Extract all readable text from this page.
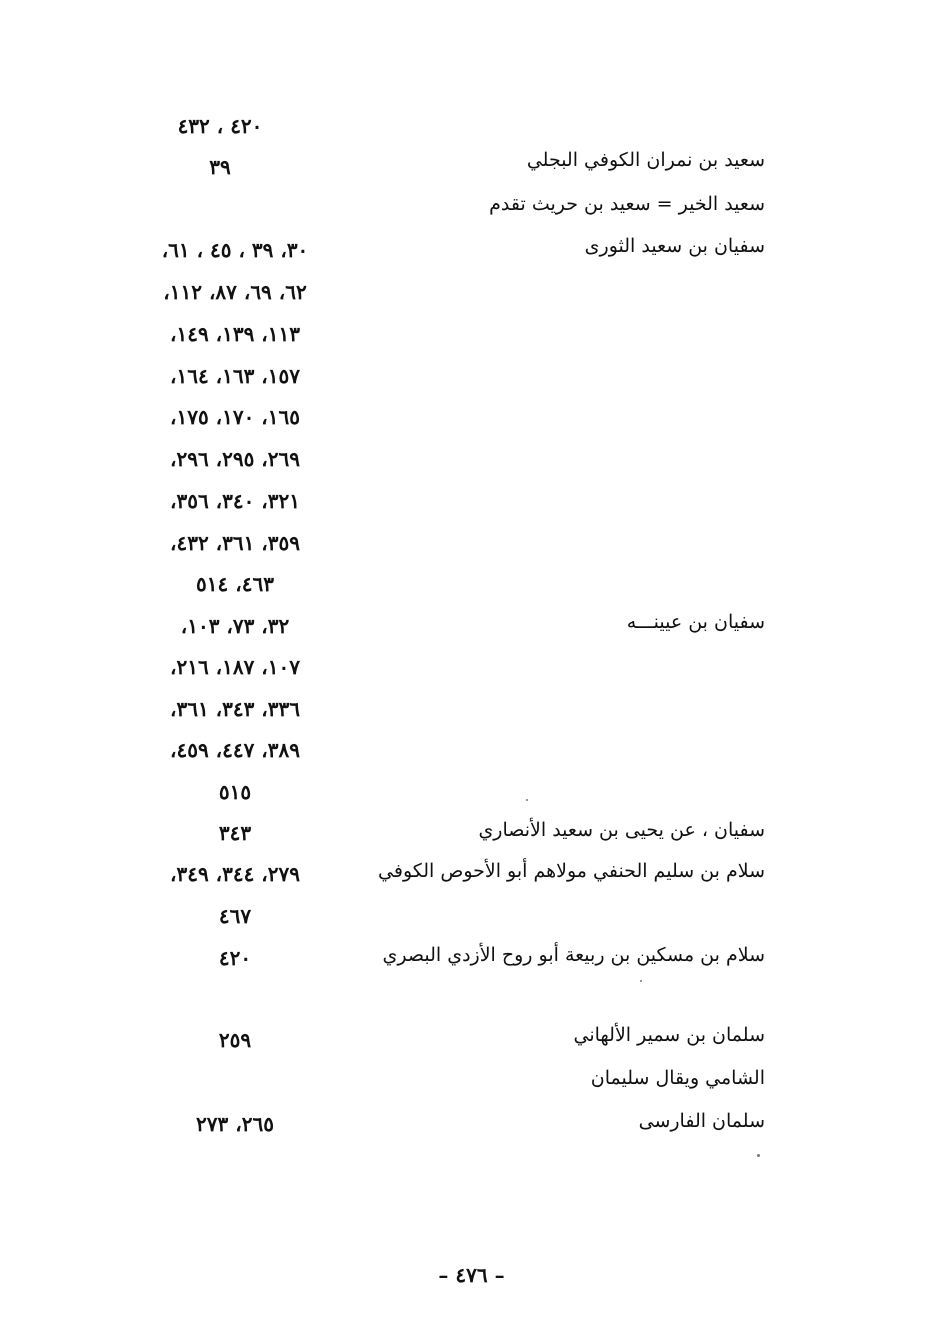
٤٢٠ ، ٤٣٢
سعيد بن نمران الكوفي البجلي
٣٩
سعيد الخير = سعيد بن حريث تقدم
سفيان بن سعيد الثورى
٣٠، ٣٩ ، ٤٥ ، ٦١،
٦٢، ٦٩، ٨٧، ١١٢،
١١٣، ١٣٩، ١٤٩،
١٥٧، ١٦٣، ١٦٤،
١٦٥، ١٧٠، ١٧٥،
٢٦٩، ٢٩٥، ٢٩٦،
٣٢١، ٣٤٠، ٣٥٦،
٣٥٩، ٣٦١، ٤٣٢،
٤٦٣، ٥١٤
سفيان بن عيينـــه
٣٢، ٧٣، ١٠٣،
١٠٧، ١٨٧، ٢١٦،
٣٣٦، ٣٤٣، ٣٦١،
٣٨٩، ٤٤٧، ٤٥٩،
٥١٥
سفيان ، عن يحيى بن سعيد الأنصاري
٣٤٣
سلام بن سليم الحنفي مولاهم أبو الأحوص الكوفي
٢٧٩، ٣٤٤، ٣٤٩،
٤٦٧
سلام بن مسكين بن ربيعة أبو روح الأزدي البصري
٤٢٠
سلمان بن سمير الألهاني
٢٥٩
الشامي ويقال سليمان
سلمان الفارسى
٢٦٥، ٢٧٣
– ٤٧٦ –
